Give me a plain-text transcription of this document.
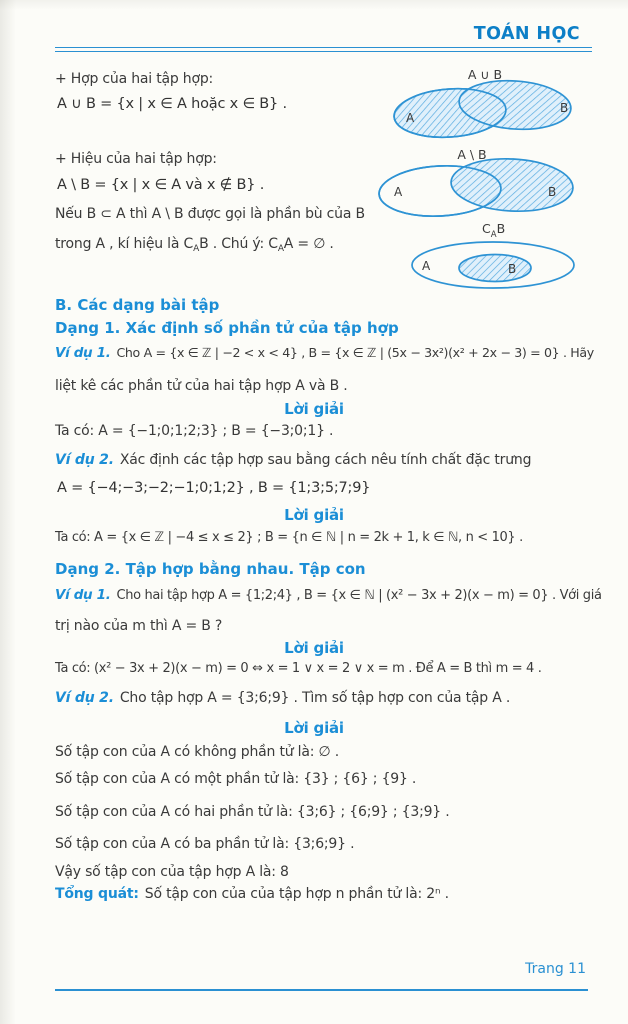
TOÁN HỌC
+ Hợp của hai tập hợp:
A ∪ B = {x | x ∈ A hoặc x ∈ B} .
+ Hiệu của hai tập hợp:
A \ B = {x | x ∈ A và x ∉ B} .
Nếu B ⊂ A thì A \ B được gọi là phần bù của B
trong A , kí hiệu là $C_AB$ . Chú ý: $C_AA$ = ∅ .
A ∪ B
A
B
A \ B
A	B
$C_AB$
A	B
B. Các dạng bài tập
Dạng 1. Xác định số phần tử của tập hợp
Ví dụ 1. Cho A = {x ∈ ℤ | −2 < x < 4} , B = {x ∈ ℤ | (5x − 3x²)(x² + 2x − 3) = 0} . Hãy
liệt kê các phần tử của hai tập hợp A và B .
Lời giải
Ta có: A = {−1;0;1;2;3} ; B = {−3;0;1} .
Ví dụ 2. Xác định các tập hợp sau bằng cách nêu tính chất đặc trưng
A = {−4;−3;−2;−1;0;1;2} , B = {1;3;5;7;9}
Lời giải
Ta có: A = {x ∈ ℤ | −4 ≤ x ≤ 2} ; B = {n ∈ ℕ | n = 2k + 1, k ∈ ℕ, n < 10} .
Dạng 2. Tập hợp bằng nhau. Tập con
Ví dụ 1. Cho hai tập hợp A = {1;2;4} , B = {x ∈ ℕ | (x² − 3x + 2)(x − m) = 0} . Với giá
trị nào của m thì A = B ?
Lời giải
Ta có: (x² − 3x + 2)(x − m) = 0 ⇔ x = 1 ∨ x = 2 ∨ x = m . Để A = B thì m = 4 .
Ví dụ 2. Cho tập hợp A = {3;6;9} . Tìm số tập hợp con của tập A .
Lời giải
Số tập con của A có không phần tử là: ∅ .
Số tập con của A có một phần tử là: {3} ; {6} ; {9} .
Số tập con của A có hai phần tử là: {3;6} ; {6;9} ; {3;9} .
Số tập con của A có ba phần tử là: {3;6;9} .
Vậy số tập con của tập hợp A là: 8
Tổng quát: Số tập con của của tập hợp n phần tử là: 2ⁿ .
Trang 11
